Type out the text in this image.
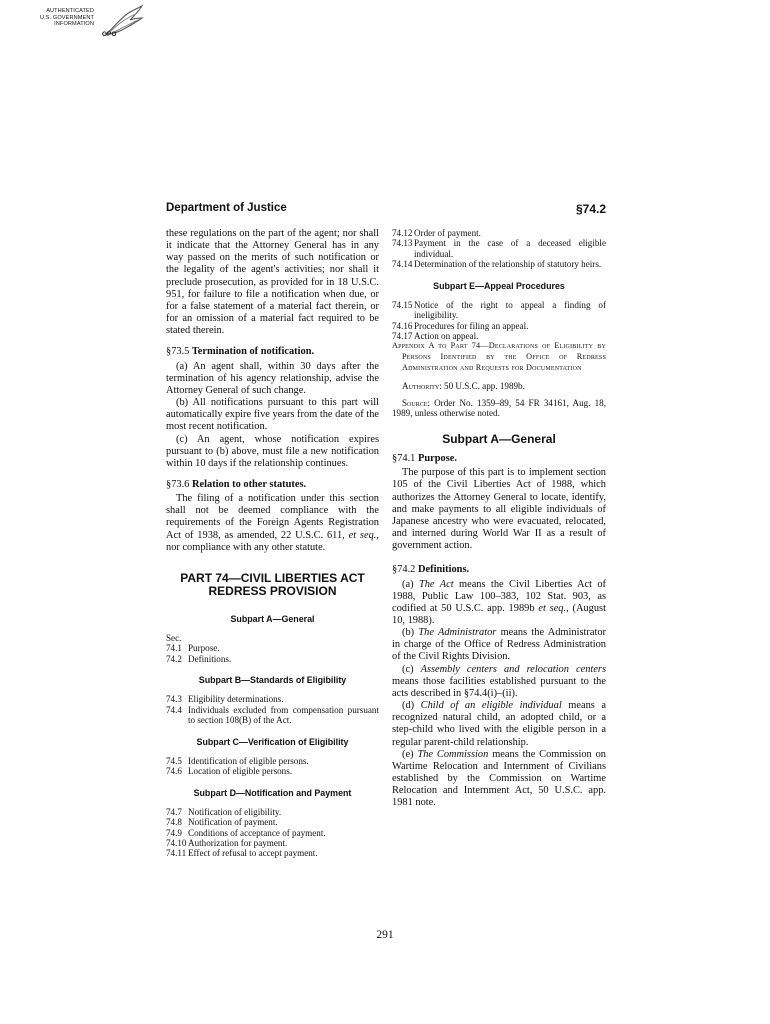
AUTHENTICATED
U.S. GOVERNMENT
INFORMATION
GPO
Department of Justice	§74.2

these regulations on the part of the agent; nor shall it indicate that the Attorney General has in any way passed on the merits of such notification or the legality of the agent's activities; nor shall it preclude prosecution, as provided for in 18 U.S.C. 951, for failure to file a notification when due, or for a false statement of a material fact therein, or for an omission of a material fact required to be stated therein.

§73.5 Termination of notification.

(a) An agent shall, within 30 days after the termination of his agency relationship, advise the Attorney General of such change.

(b) All notifications pursuant to this part will automatically expire five years from the date of the most recent notification.

(c) An agent, whose notification expires pursuant to (b) above, must file a new notification within 10 days if the relationship continues.

§73.6 Relation to other statutes.

The filing of a notification under this section shall not be deemed compliance with the requirements of the Foreign Agents Registration Act of 1938, as amended, 22 U.S.C. 611, et seq., nor compliance with any other statute.

PART 74—CIVIL LIBERTIES ACT
REDRESS PROVISION
Subpart A—General
Sec.
74.1 Purpose.
74.2 Definitions.
Subpart B—Standards of Eligibility
74.3 Eligibility determinations.
74.4 Individuals excluded from compensation pursuant to section 108(B) of the Act.
Subpart C—Verification of Eligibility
74.5 Identification of eligible persons.
74.6 Location of eligible persons.
Subpart D—Notification and Payment
74.7 Notification of eligibility.
74.8 Notification of payment.
74.9 Conditions of acceptance of payment.
74.10 Authorization for payment.
74.11 Effect of refusal to accept payment.
74.12 Order of payment.
74.13 Payment in the case of a deceased eligible individual.
74.14 Determination of the relationship of statutory heirs.
Subpart E—Appeal Procedures
74.15 Notice of the right to appeal a finding of ineligibility.
74.16 Procedures for filing an appeal.
74.17 Action on appeal.
Appendix A to Part 74—Declarations of Eligibility by Persons Identified by the Office of Redress Administration and Requests for Documentation

Authority: 50 U.S.C. app. 1989b.

Source: Order No. 1359–89, 54 FR 34161, Aug. 18, 1989, unless otherwise noted.

Subpart A—General

§74.1 Purpose.

The purpose of this part is to implement section 105 of the Civil Liberties Act of 1988, which authorizes the Attorney General to locate, identify, and make payments to all eligible individuals of Japanese ancestry who were evacuated, relocated, and interned during World War II as a result of government action.

§74.2 Definitions.

(a) The Act means the Civil Liberties Act of 1988, Public Law 100–383, 102 Stat. 903, as codified at 50 U.S.C. app. 1989b et seq., (August 10, 1988).

(b) The Administrator means the Administrator in charge of the Office of Redress Administration of the Civil Rights Division.

(c) Assembly centers and relocation centers means those facilities established pursuant to the acts described in §74.4(i)–(ii).

(d) Child of an eligible individual means a recognized natural child, an adopted child, or a step-child who lived with the eligible person in a regular parent-child relationship.

(e) The Commission means the Commission on Wartime Relocation and Internment of Civilians established by the Commission on Wartime Relocation and Internment Act, 50 U.S.C. app. 1981 note.

291
